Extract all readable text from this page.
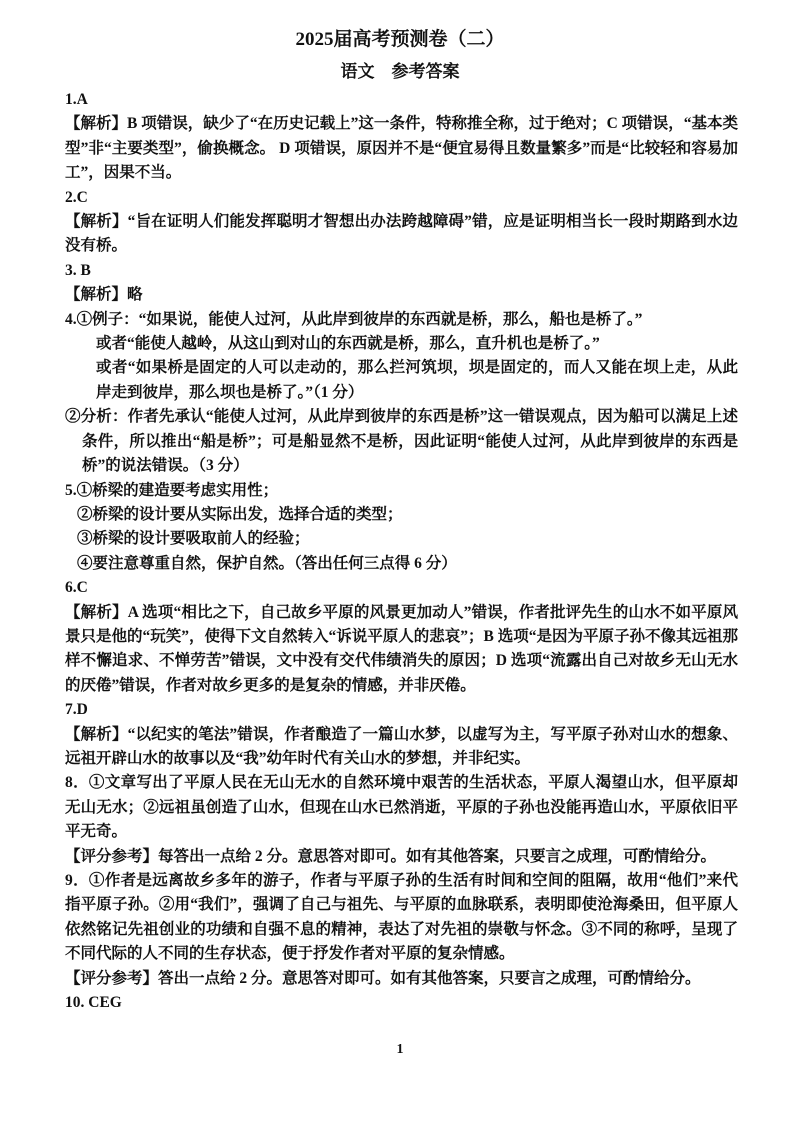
2025届高考预测卷（二）
语文　参考答案
1.A
【解析】B 项错误，缺少了“在历史记载上”这一条件，特称推全称，过于绝对；C 项错误，“基本类型”非“主要类型”，偷换概念。 D 项错误，原因并不是“便宜易得且数量繁多”而是“比较轻和容易加工”，因果不当。
2.C
【解析】“旨在证明人们能发挥聪明才智想出办法跨越障碍”错，应是证明相当长一段时期路到水边没有桥。
3. B
【解析】略
4.①例子：“如果说，能使人过河，从此岸到彼岸的东西就是桥，那么，船也是桥了。”
或者“能使人越岭，从这山到对山的东西就是桥，那么，直升机也是桥了。”
或者“如果桥是固定的人可以走动的，那么拦河筑坝，坝是固定的，而人又能在坝上走，从此岸走到彼岸，那么坝也是桥了。”（1 分）
②分析：作者先承认“能使人过河，从此岸到彼岸的东西是桥”这一错误观点，因为船可以满足上述条件，所以推出“船是桥”；可是船显然不是桥，因此证明“能使人过河，从此岸到彼岸的东西是桥”的说法错误。（3 分）
5.①桥梁的建造要考虑实用性；
②桥梁的设计要从实际出发，选择合适的类型；
③桥梁的设计要吸取前人的经验；
④要注意尊重自然，保护自然。（答出任何三点得 6 分）
6.C
【解析】A 选项“相比之下，自己故乡平原的风景更加动人”错误，作者批评先生的山水不如平原风景只是他的“玩笑”，使得下文自然转入“诉说平原人的悲哀”；B 选项“是因为平原子孙不像其远祖那样不懈追求、不惮劳苦”错误，文中没有交代伟绩消失的原因；D 选项“流露出自己对故乡无山无水的厌倦”错误，作者对故乡更多的是复杂的情感，并非厌倦。
7.D
【解析】“以纪实的笔法”错误，作者酿造了一篇山水梦，以虚写为主，写平原子孙对山水的想象、远祖开辟山水的故事以及“我”幼年时代有关山水的梦想，并非纪实。
8．①文章写出了平原人民在无山无水的自然环境中艰苦的生活状态，平原人渴望山水，但平原却无山无水；②远祖虽创造了山水，但现在山水已然消逝，平原的子孙也没能再造山水，平原依旧平平无奇。
【评分参考】每答出一点给 2 分。意思答对即可。如有其他答案，只要言之成理，可酌情给分。
9．①作者是远离故乡多年的游子，作者与平原子孙的生活有时间和空间的阻隔，故用“他们”来代指平原子孙。②用“我们”，强调了自己与祖先、与平原的血脉联系，表明即使沧海桑田，但平原人依然铭记先祖创业的功绩和自强不息的精神，表达了对先祖的崇敬与怀念。③不同的称呼，呈现了不同代际的人不同的生存状态，便于抒发作者对平原的复杂情感。
【评分参考】答出一点给 2 分。意思答对即可。如有其他答案，只要言之成理，可酌情给分。
10. CEG
1
